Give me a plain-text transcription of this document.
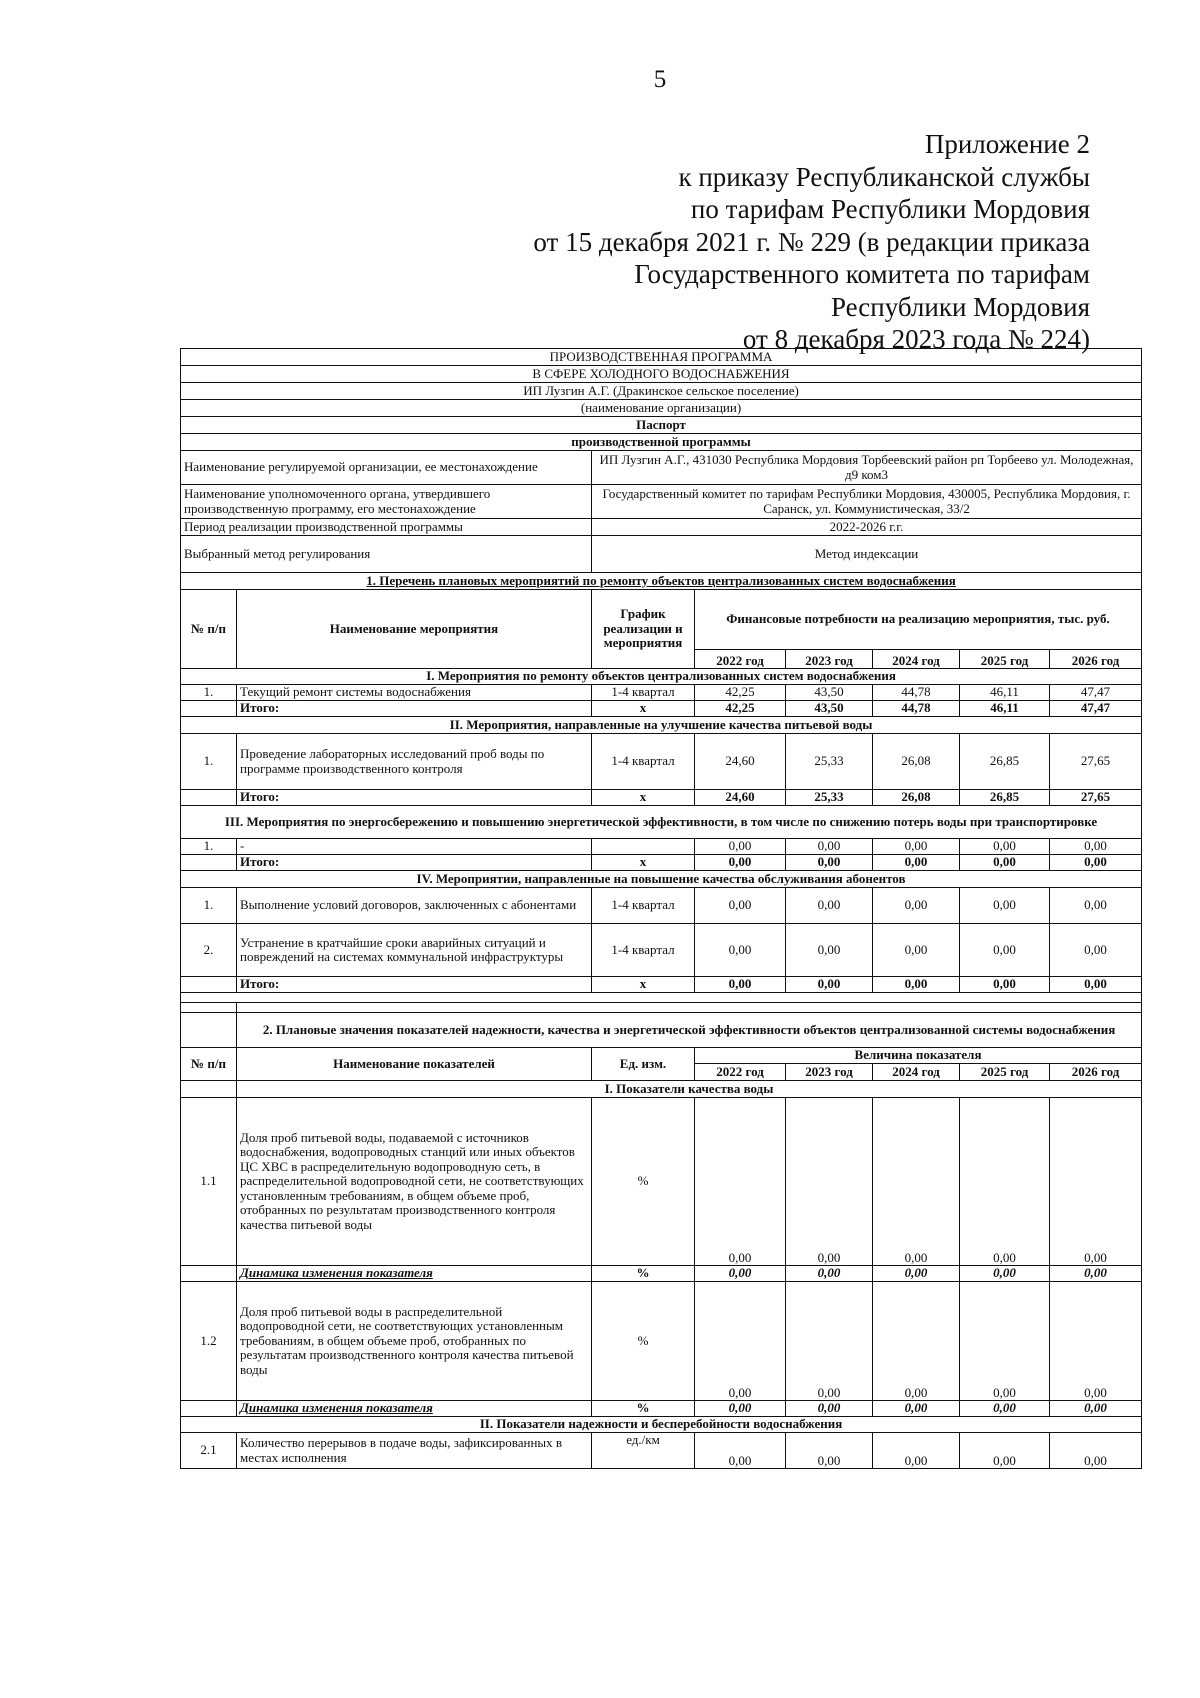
5
Приложение 2
к приказу Республиканской службы
по тарифам Республики Мордовия
от 15 декабря 2021 г. № 229 (в редакции приказа
Государственного комитета по тарифам
Республики Мордовия
от 8 декабря 2023 года № 224)
ПРОИЗВОДСТВЕННАЯ ПРОГРАММА							
В СФЕРЕ ХОЛОДНОГО ВОДОСНАБЖЕНИЯ							
ИП Лузгин А.Г. (Дракинское сельское поселение)							
(наименование организации)							
Паспорт							
производственной программы							
Наименование регулируемой организации, ее местонахождение		ИП Лузгин А.Г., 431030 Республика Мордовия Торбеевский район рп Торбеево ул. Молодежная, д9 ком3					
Наименование уполномоченного органа, утвердившего производственную программу, его местонахождение		Государственный комитет по тарифам Республики Мордовия, 430005, Республика Мордовия, г. Саранск, ул. Коммунистическая, 33/2					
Период реализации производственной программы		2022-2026 г.г.					
Выбранный метод регулирования		Метод индексации					
1. Перечень плановых мероприятий по ремонту объектов централизованных систем водоснабжения							
№ п/п	Наименование мероприятия	График реализации и мероприятия	Финансовые потребности на реализацию мероприятия, тыс. руб.				
			2022 год	2023 год	2024 год	2025 год	2026 год
I. Мероприятия по ремонту объектов централизованных систем водоснабжения							
1.	Текущий ремонт системы водоснабжения	1-4 квартал	42,25	43,50	44,78	46,11	47,47
	Итого:	х	42,25	43,50	44,78	46,11	47,47
II. Мероприятия, направленные на улучшение качества питьевой воды							
1.	Проведение лабораторных исследований проб воды по программе производственного контроля	1-4 квартал	24,60	25,33	26,08	26,85	27,65
	Итого:	х	24,60	25,33	26,08	26,85	27,65
III. Мероприятия по энергосбережению и повышению энергетической эффективности, в том числе по снижению потерь воды при транспортировке							
1.	-		0,00	0,00	0,00	0,00	0,00
	Итого:	х	0,00	0,00	0,00	0,00	0,00
IV. Мероприятии, направленные на повышение качества обслуживания абонентов							
1.	Выполнение условий договоров, заключенных с абонентами	1-4 квартал	0,00	0,00	0,00	0,00	0,00
2.	Устранение в кратчайшие сроки аварийных ситуаций и повреждений на системах коммунальной инфраструктуры	1-4 квартал	0,00	0,00	0,00	0,00	0,00
	Итого:	х	0,00	0,00	0,00	0,00	0,00

	2. Плановые значения показателей надежности, качества и энергетической эффективности объектов централизованной системы водоснабжения						
№ п/п	Наименование показателей	Ед. изм.	Величина показателя				
			2022 год	2023 год	2024 год	2025 год	2026 год
	I. Показатели качества воды						
1.1	Доля проб питьевой воды, подаваемой с источников водоснабжения, водопроводных станций или иных объектов ЦС ХВС в распределительную водопроводную сеть, в распределительной водопроводной сети, не соответствующих установленным требованиям, в общем объеме проб, отобранных по результатам производственного контроля качества питьевой воды	%	0,00	0,00	0,00	0,00	0,00
	Динамика изменения показателя	%	0,00	0,00	0,00	0,00	0,00
1.2	Доля проб питьевой воды в распределительной водопроводной сети, не соответствующих установленным требованиям, в общем объеме проб, отобранных по результатам производственного контроля качества питьевой воды	%	0,00	0,00	0,00	0,00	0,00
	Динамика изменения показателя	%	0,00	0,00	0,00	0,00	0,00
II. Показатели надежности и бесперебойности водоснабжения							
2.1	Количество перерывов в подаче воды, зафиксированных в местах исполнения	ед./км	0,00	0,00	0,00	0,00	0,00
